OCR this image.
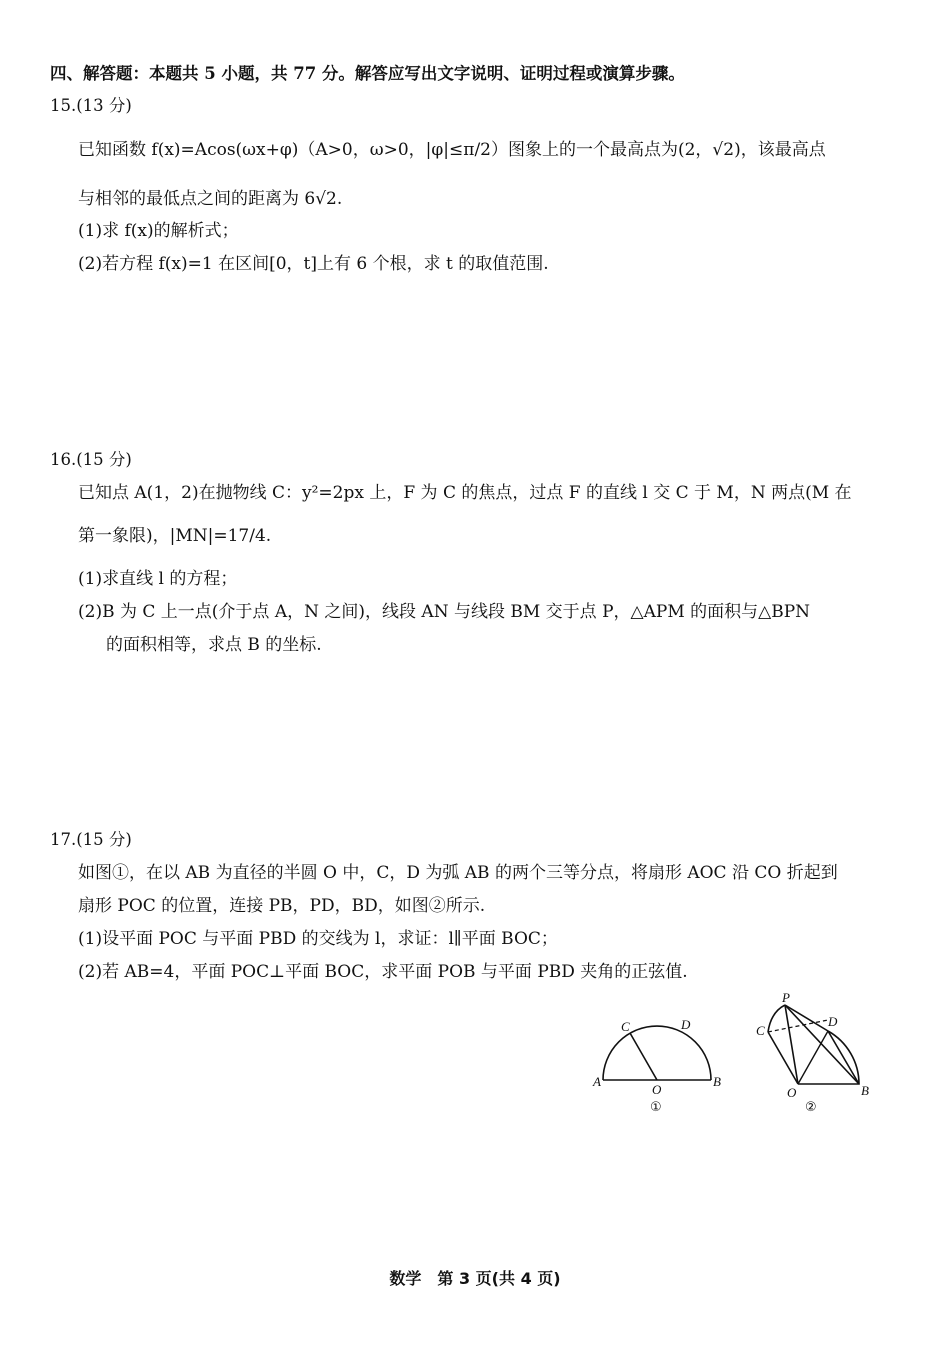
四、解答题：本题共 5 小题，共 77 分。解答应写出文字说明、证明过程或演算步骤。
15.(13 分)
已知函数 f(x)=Acos(ωx+φ)（A>0，ω>0，|φ|≤π/2）图象上的一个最高点为(2，√2)，该最高点
与相邻的最低点之间的距离为 6√2.
(1)求 f(x)的解析式；
(2)若方程 f(x)=1 在区间[0，t]上有 6 个根，求 t 的取值范围.
16.(15 分)
已知点 A(1，2)在抛物线 C：y²=2px 上，F 为 C 的焦点，过点 F 的直线 l 交 C 于 M，N 两点(M 在
第一象限)，|MN|=17/4.
(1)求直线 l 的方程；
(2)B 为 C 上一点(介于点 A，N 之间)，线段 AN 与线段 BM 交于点 P，△APM 的面积与△BPN
的面积相等，求点 B 的坐标.
17.(15 分)
如图①，在以 AB 为直径的半圆 O 中，C，D 为弧 AB 的两个三等分点，将扇形 AOC 沿 CO 折起到
扇形 POC 的位置，连接 PB，PD，BD，如图②所示.
(1)设平面 POC 与平面 PBD 的交线为 l，求证：l∥平面 BOC；
(2)若 AB=4，平面 POC⊥平面 BOC，求平面 POB 与平面 PBD 夹角的正弦值.
A	B
C	D
O
①
P
C
D
O	B
②
数学　第 3 页(共 4 页)
